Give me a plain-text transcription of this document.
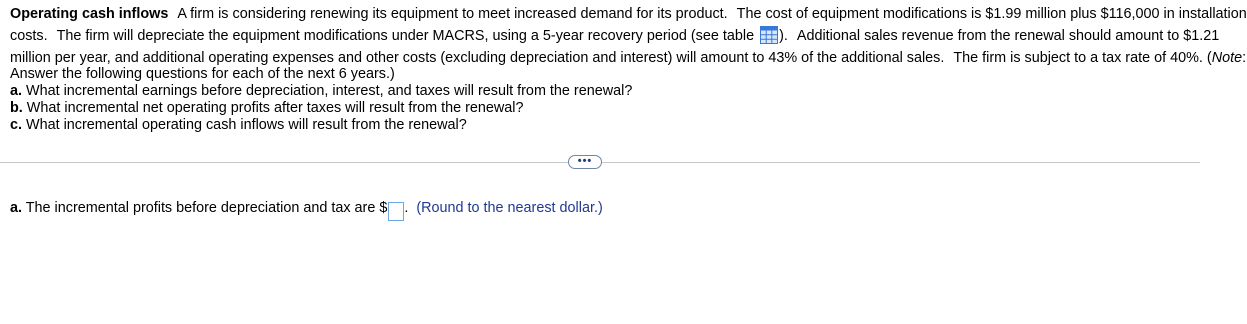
Operating cash inflows A firm is considering renewing its equipment to meet increased demand for its product. The cost of equipment modifications is $1.99 million plus $116,000 in installation
costs. The firm will depreciate the equipment modifications under MACRS, using a 5-year recovery period (see table ). Additional sales revenue from the renewal should amount to $1.21
million per year, and additional operating expenses and other costs (excluding depreciation and interest) will amount to 43% of the additional sales. The firm is subject to a tax rate of 40%. (Note:
Answer the following questions for each of the next 6 years.)
a. What incremental earnings before depreciation, interest, and taxes will result from the renewal?
b. What incremental net operating profits after taxes will result from the renewal?
c. What incremental operating cash inflows will result from the renewal?
•••
a. The incremental profits before depreciation and tax are $ . (Round to the nearest dollar.)
